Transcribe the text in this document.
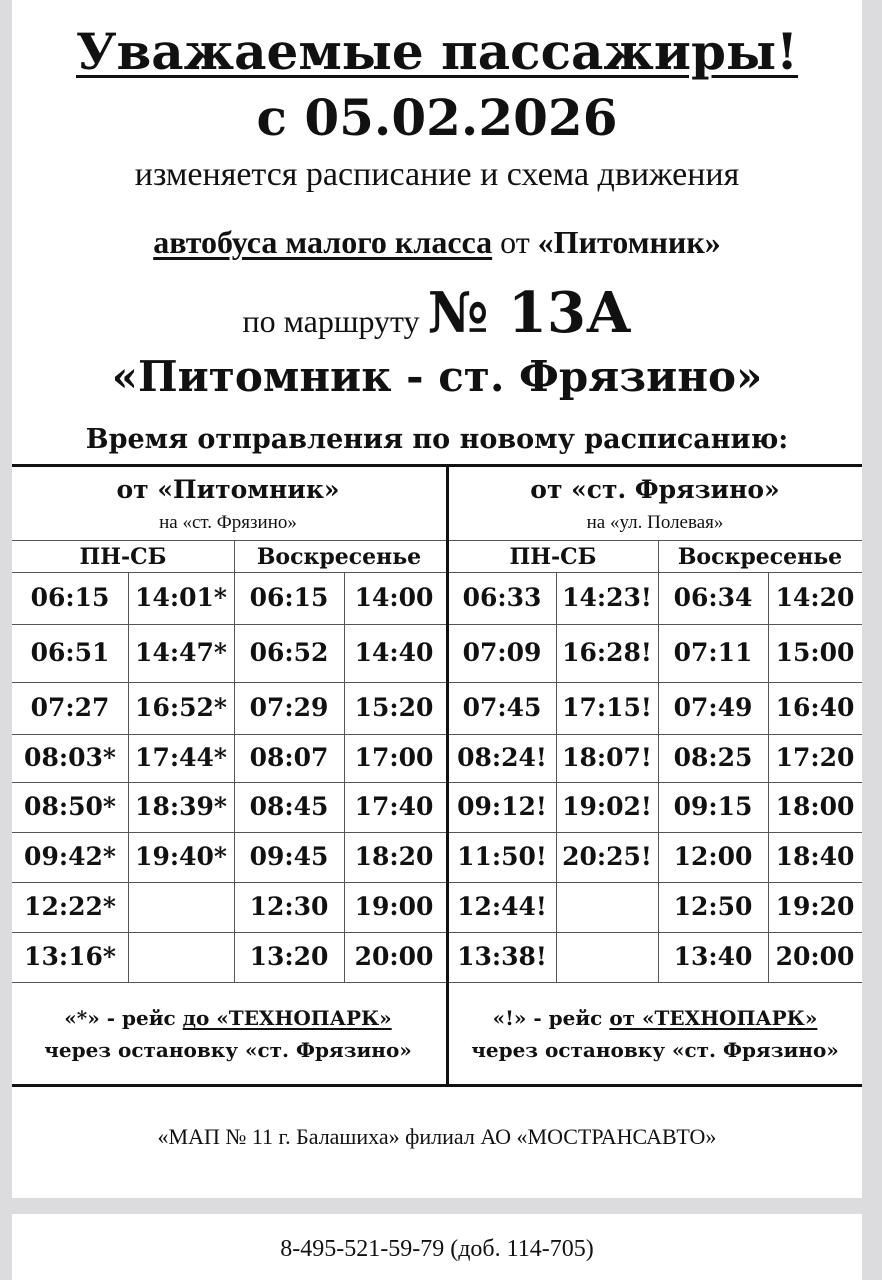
Уважаемые пассажиры!
с 05.02.2026
изменяется расписание и схема движения
автобуса малого класса от «Питомник»
по маршруту № 13А
«Питомник - ст. Фрязино»
Время отправления по новому расписанию:
от «Питомник»
на «ст. Фрязино»
ПН-СБ	Воскресенье
06:15
06:51
07:27
08:03*
08:50*
09:42*
12:22*
13:16*
14:01*
14:47*
16:52*
17:44*
18:39*
19:40*
06:15
06:52
07:29
08:07
08:45
09:45
12:30
13:20
14:00
14:40
15:20
17:00
17:40
18:20
19:00
20:00
«*» - рейс до «ТЕХНОПАРК»
через остановку «ст. Фрязино»
от «ст. Фрязино»
на «ул. Полевая»
ПН-СБ	Воскресенье
06:33
07:09
07:45
08:24!
09:12!
11:50!
12:44!
13:38!
14:23!
16:28!
17:15!
18:07!
19:02!
20:25!
06:34
07:11
07:49
08:25
09:15
12:00
12:50
13:40
14:20
15:00
16:40
17:20
18:00
18:40
19:20
20:00
«!» - рейс от «ТЕХНОПАРК»
через остановку «ст. Фрязино»
«МАП № 11 г. Балашиха» филиал АО «МОСТРАНСАВТО»
8-495-521-59-79 (доб. 114-705)
